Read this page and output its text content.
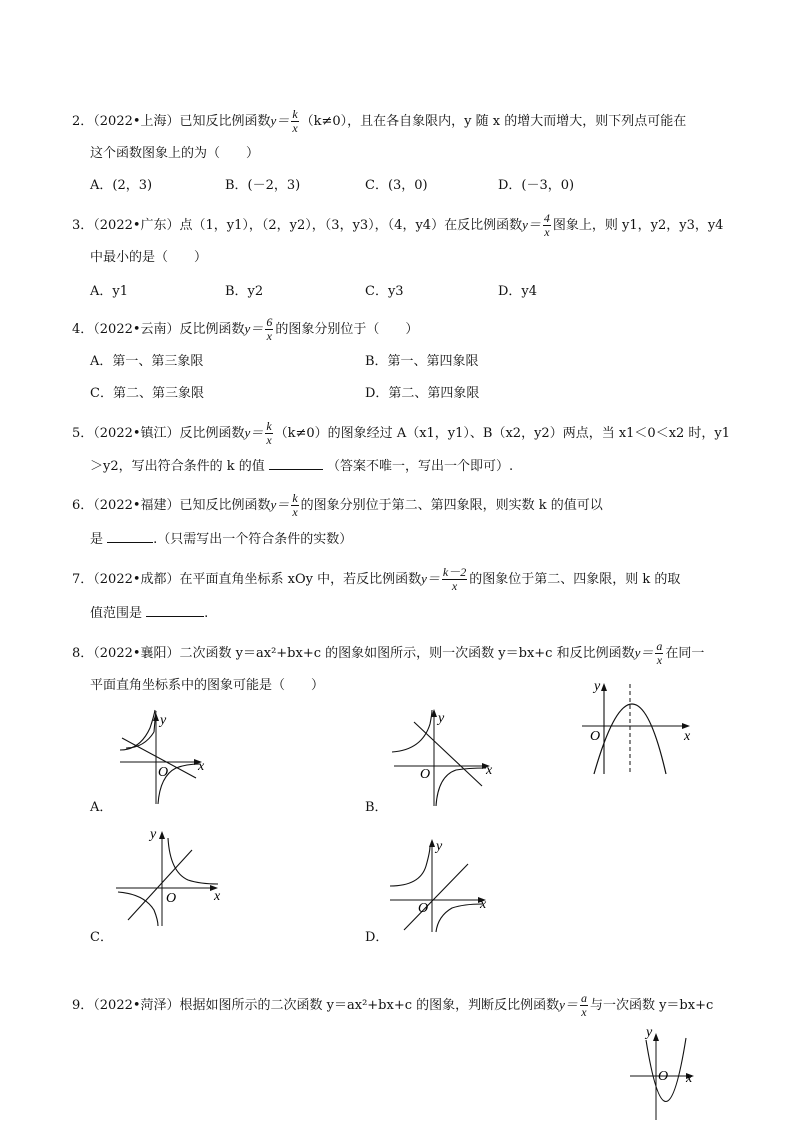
2．（2022•上海）已知反比例函数$y= \frac{k}{x} (k\ne 0)$，且在各自象限内，y 随 x 的增大而增大，则下列点可能在
这个函数图象上的为（　　）
A．(2，3)	B．(－2，3)	C．(3，0)	D．(－3，0)
3．（2022•广东）点（1，y1），（2，y2），（3，y3），（4，y4）在反比例函数$y= \frac{4}{x}$ 图象上，则 y1，y2，y3，y4
中最小的是（　　）
A．y1	B．y2	C．y3	D．y4
4．（2022•云南）反比例函数$y= \frac{6}{x}$ 的图象分别位于（　　）
A．第一、第三象限	B．第一、第四象限
C．第二、第三象限	D．第二、第四象限
5．（2022•镇江）反比例函数$y= \frac{k}{x} (k\ne 0)$的图象经过 A（x1，y1）、B（x2，y2）两点，当 x1＜0＜x2 时，y1
＞y2，写出符合条件的 k 的值	（答案不唯一，写出一个即可）.
6．（2022•福建）已知反比例函数$y= \frac{k}{x}$ 的图象分别位于第二、第四象限，则实数 k 的值可以
是	.（只需写出一个符合条件的实数）
7．（2022•成都）在平面直角坐标系 xOy 中，若反比例函数$y= \frac{k-2}{x}$ 的图象位于第二、四象限，则 k 的取
值范围是	.
8．（2022•襄阳）二次函数 y＝ax²+bx+c 的图象如图所示，则一次函数 y＝bx+c 和反比例函数$y= \frac{a}{x}$ 在同一
平面直角坐标系中的图象可能是（　　）
O	x
y
O x
y
A．
O	x
y
B．
O	x
y
C．
O	x
y
D．
9．（2022•菏泽）根据如图所示的二次函数 y＝ax²+bx+c 的图象，判断反比例函数$y= \frac{a}{x}$ 与一次函数 y＝bx+c
O x
y
